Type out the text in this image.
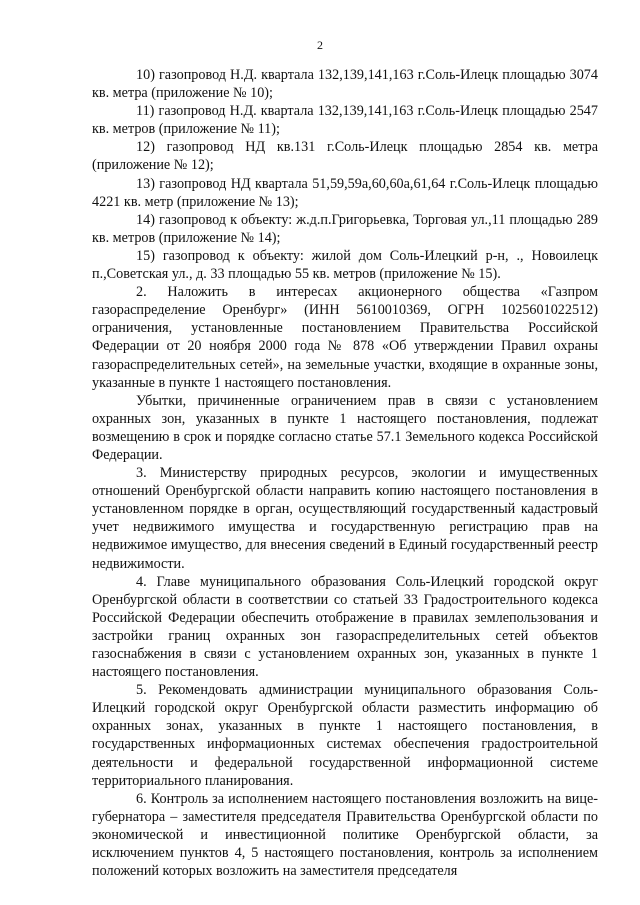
2

10) газопровод Н.Д. квартала 132,139,141,163 г.Соль-Илецк площадью 3074 кв. метра (приложение № 10);

11) газопровод Н.Д. квартала 132,139,141,163 г.Соль-Илецк площадью 2547 кв. метров (приложение № 11);

12) газопровод НД кв.131 г.Соль-Илецк площадью 2854 кв. метра (приложение № 12);

13) газопровод НД квартала 51,59,59а,60,60а,61,64 г.Соль-Илецк площадью 4221 кв. метр (приложение № 13);

14) газопровод к объекту: ж.д.п.Григорьевка, Торговая ул.,11 площадью 289 кв. метров (приложение № 14);

15) газопровод к объекту: жилой дом Соль-Илецкий р-н, ., Новоилецк п.,Советская ул., д. 33 площадью 55 кв. метров (приложение № 15).

2. Наложить в интересах акционерного общества «Газпром газораспределение Оренбург» (ИНН 5610010369, ОГРН 1025601022512) ограничения, установленные постановлением Правительства Российской Федерации от 20 ноября 2000 года № 878 «Об утверждении Правил охраны газораспределительных сетей», на земельные участки, входящие в охранные зоны, указанные в пункте 1 настоящего постановления.

Убытки, причиненные ограничением прав в связи с установлением охранных зон, указанных в пункте 1 настоящего постановления, подлежат возмещению в срок и порядке согласно статье 57.1 Земельного кодекса Российской Федерации.

3. Министерству природных ресурсов, экологии и имущественных отношений Оренбургской области направить копию настоящего постановления в установленном порядке в орган, осуществляющий государственный кадастровый учет недвижимого имущества и государственную регистрацию прав на недвижимое имущество, для внесения сведений в Единый государственный реестр недвижимости.

4. Главе муниципального образования Соль-Илецкий городской округ Оренбургской области в соответствии со статьей 33 Градостроительного кодекса Российской Федерации обеспечить отображение в правилах землепользования и застройки границ охранных зон газораспределительных сетей объектов газоснабжения в связи с установлением охранных зон, указанных в пункте 1 настоящего постановления.

5. Рекомендовать администрации муниципального образования Соль-Илецкий городской округ Оренбургской области разместить информацию об охранных зонах, указанных в пункте 1 настоящего постановления, в государственных информационных системах обеспечения градостроительной деятельности и федеральной государственной информационной системе территориального планирования.

6. Контроль за исполнением настоящего постановления возложить на вице-губернатора – заместителя председателя Правительства Оренбургской области по экономической и инвестиционной политике Оренбургской области, за исключением пунктов 4, 5 настоящего постановления, контроль за исполнением положений которых возложить на заместителя председателя
